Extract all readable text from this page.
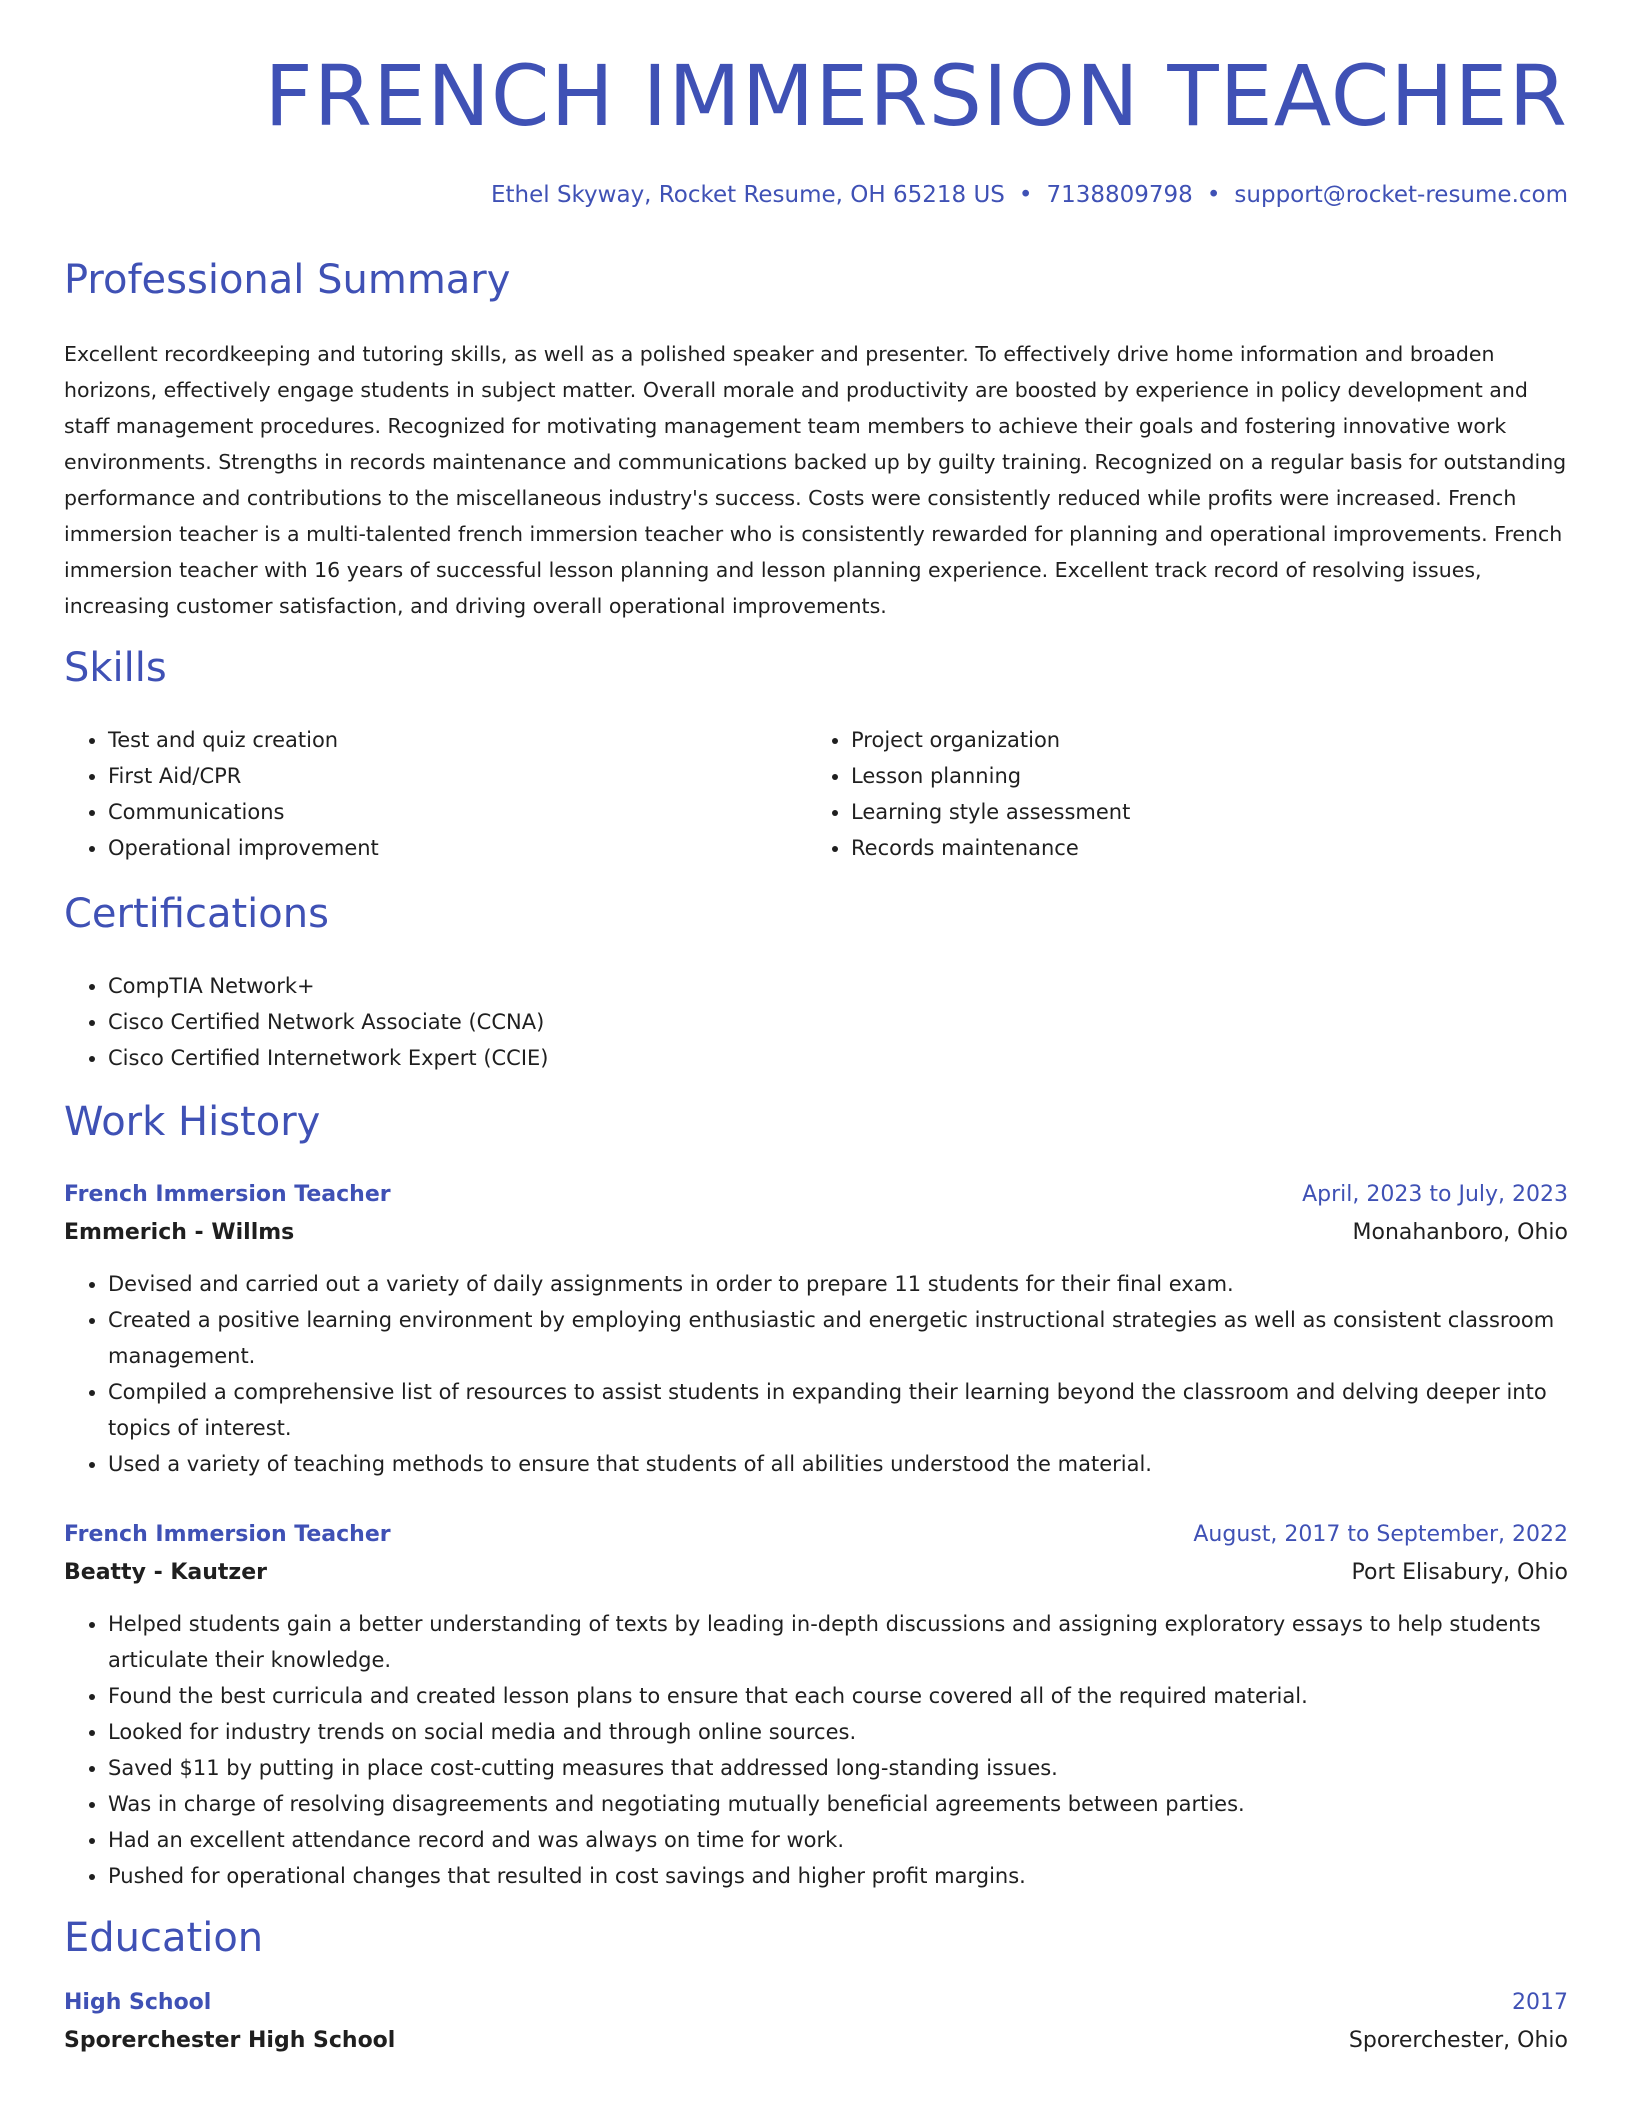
FRENCH IMMERSION TEACHER
Ethel Skyway, Rocket Resume, OH 65218 US • 7138809798 • support@rocket-resume.com
Professional Summary

Excellent recordkeeping and tutoring skills, as well as a polished speaker and presenter. To effectively drive home information and broaden horizons, effectively engage students in subject matter. Overall morale and productivity are boosted by experience in policy development and staff management procedures. Recognized for motivating management team members to achieve their goals and fostering innovative work environments. Strengths in records maintenance and communications backed up by guilty training. Recognized on a regular basis for outstanding performance and contributions to the miscellaneous industry's success. Costs were consistently reduced while profits were increased. French immersion teacher is a multi-talented french immersion teacher who is consistently rewarded for planning and operational improvements. French immersion teacher with 16 years of successful lesson planning and lesson planning experience. Excellent track record of resolving issues, increasing customer satisfaction, and driving overall operational improvements.

Skills
• Test and quiz creation
• First Aid/CPR
• Communications
• Operational improvement
• Project organization
• Lesson planning
• Learning style assessment
• Records maintenance
Certifications
• CompTIA Network+
• Cisco Certified Network Associate (CCNA)
• Cisco Certified Internetwork Expert (CCIE)
Work History
French Immersion Teacher	April, 2023 to July, 2023
Emmerich - Willms	Monahanboro, Ohio
• Devised and carried out a variety of daily assignments in order to prepare 11 students for their final exam.
• Created a positive learning environment by employing enthusiastic and energetic instructional strategies as well as consistent classroom management.
• Compiled a comprehensive list of resources to assist students in expanding their learning beyond the classroom and delving deeper into topics of interest.
• Used a variety of teaching methods to ensure that students of all abilities understood the material.
French Immersion Teacher	August, 2017 to September, 2022
Beatty - Kautzer	Port Elisabury, Ohio
• Helped students gain a better understanding of texts by leading in-depth discussions and assigning exploratory essays to help students articulate their knowledge.
• Found the best curricula and created lesson plans to ensure that each course covered all of the required material.
• Looked for industry trends on social media and through online sources.
• Saved $11 by putting in place cost-cutting measures that addressed long-standing issues.
• Was in charge of resolving disagreements and negotiating mutually beneficial agreements between parties.
• Had an excellent attendance record and was always on time for work.
• Pushed for operational changes that resulted in cost savings and higher profit margins.
Education
High School	2017
Sporerchester High School	Sporerchester, Ohio
